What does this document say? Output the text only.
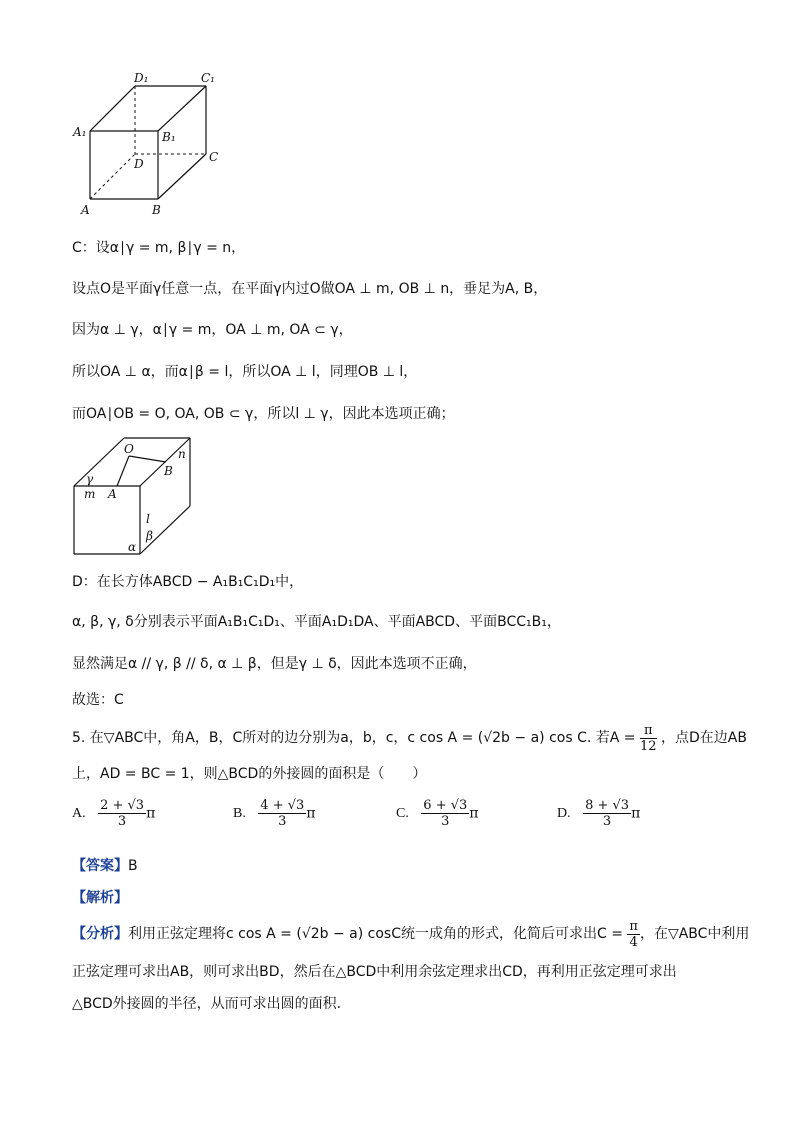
D₁	C₁
A₁	B₁
D	C
A	B
C：设α∣γ = m, β∣γ = n，
设点O是平面γ任意一点，在平面γ内过O做OA ⊥ m, OB ⊥ n，垂足为A, B，
因为α ⊥ γ，α∣γ = m，OA ⊥ m, OA ⊂ γ，
所以OA ⊥ α，而α∣β = l，所以OA ⊥ l，同理OB ⊥ l，
而OA∣OB = O, OA, OB ⊂ γ，所以l ⊥ γ，因此本选项正确；
O
B
n
γ
m A
l
β
α
D：在长方体ABCD − A₁B₁C₁D₁中，
α, β, γ, δ分别表示平面A₁B₁C₁D₁、平面A₁D₁DA、平面ABCD、平面BCC₁B₁，
显然满足α // γ, β // δ, α ⊥ β，但是γ ⊥ δ，因此本选项不正确，
故选：C
5. 在▽ABC中，角A，B，C所对的边分别为a，b，c，c cos A = (√2b − a) cos C. 若$A = \frac{\pi}{12}$ ，点D在边AB
上，AD = BC = 1，则△BCD的外接圆的面积是（　　）
A. $\frac{2 + √3}{3}$ π	B. $\frac{4 + √3}{3}$ π	C. $\frac{6 + √3}{3}$ π	D. $\frac{8 + √3}{3}$ π
【答案】B
【解析】
【分析】利用正弦定理将c cos A = (√2b − a) cosC统一成角的形式，化简后可求出$C = \frac{\pi}{4}$ ，在▽ABC中利用
正弦定理可求出AB，则可求出BD，然后在△BCD中利用余弦定理求出CD，再利用正弦定理可求出
△BCD外接圆的半径，从而可求出圆的面积.
